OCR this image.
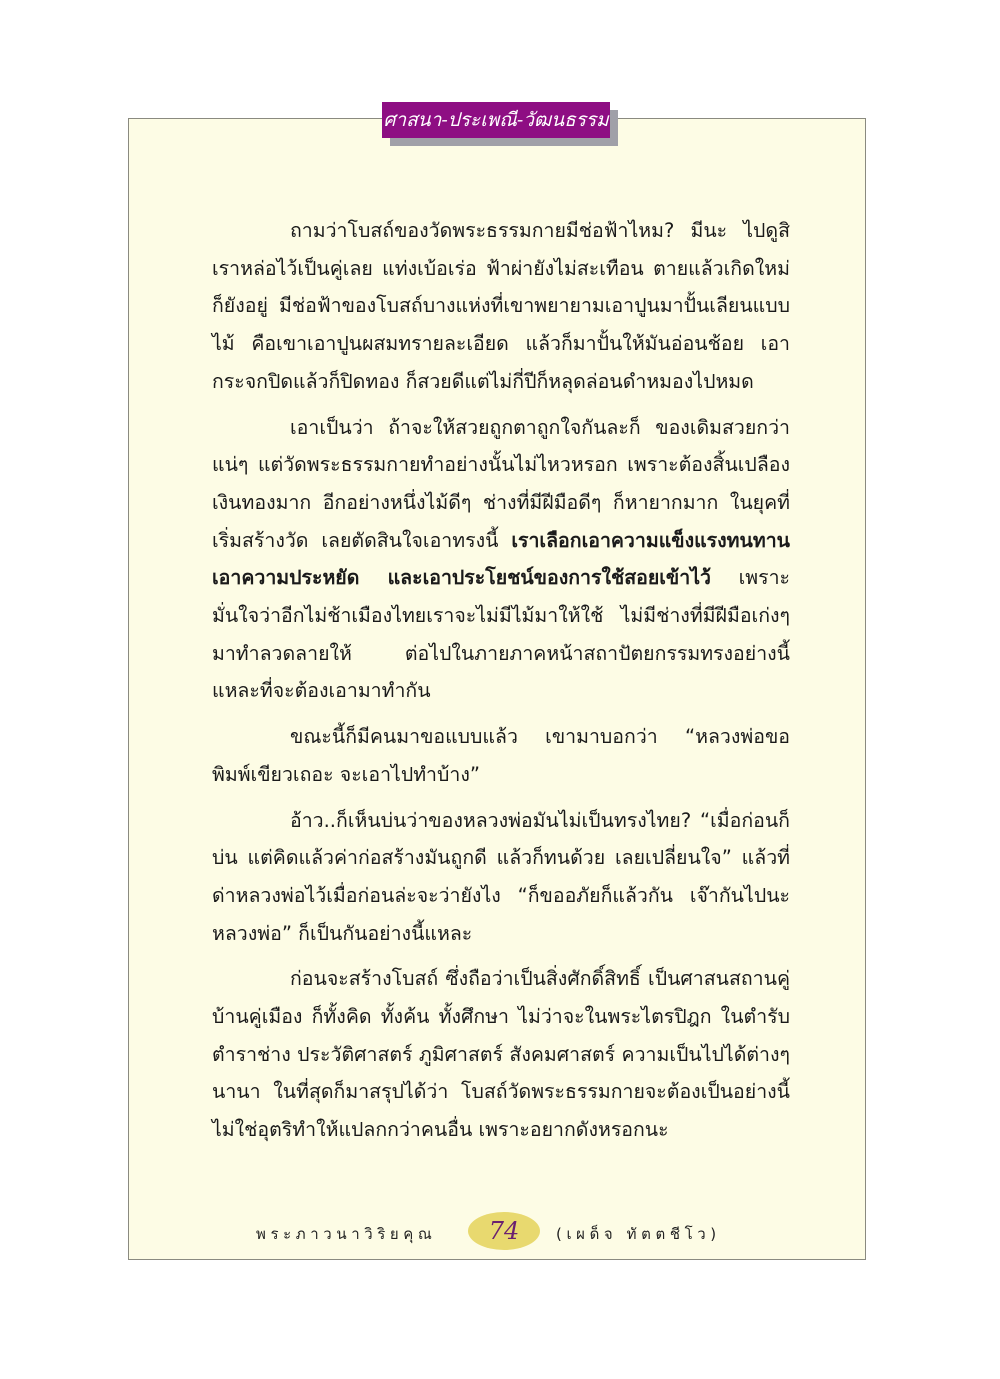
ศาสนา-ประเพณี-วัฒนธรรม

ถามว่าโบสถ์ของวัดพระธรรมกายมีช่อฟ้าไหม? มีนะ ไปดูสิ เราหล่อไว้เป็นคู่เลย แท่งเบ้อเร่อ ฟ้าผ่ายังไม่สะเทือน ตายแล้วเกิดใหม่ก็ยังอยู่ มีช่อฟ้าของโบสถ์บางแห่งที่เขาพยายามเอาปูนมาปั้นเลียนแบบไม้ คือเขาเอาปูนผสมทรายละเอียด แล้วก็มาปั้นให้มันอ่อนช้อย เอากระจกปิดแล้วก็ปิดทอง ก็สวยดีแต่ไม่กี่ปีก็หลุดล่อนดำหมองไปหมด

เอาเป็นว่า ถ้าจะให้สวยถูกตาถูกใจกันละก็ ของเดิมสวยกว่าแน่ๆ แต่วัดพระธรรมกายทำอย่างนั้นไม่ไหวหรอก เพราะต้องสิ้นเปลืองเงินทองมาก อีกอย่างหนึ่งไม้ดีๆ ช่างที่มีฝีมือดีๆ ก็หายากมาก ในยุคที่เริ่มสร้างวัด เลยตัดสินใจเอาทรงนี้ เราเลือกเอาความแข็งแรงทนทาน เอาความประหยัด และเอาประโยชน์ของการใช้สอยเข้าไว้ เพราะมั่นใจว่าอีกไม่ช้าเมืองไทยเราจะไม่มีไม้มาให้ใช้ ไม่มีช่างที่มีฝีมือเก่งๆ มาทำลวดลายให้ ต่อไปในภายภาคหน้าสถาปัตยกรรมทรงอย่างนี้แหละที่จะต้องเอามาทำกัน

ขณะนี้ก็มีคนมาขอแบบแล้ว เขามาบอกว่า “หลวงพ่อขอพิมพ์เขียวเถอะ จะเอาไปทำบ้าง”

อ้าว..ก็เห็นบ่นว่าของหลวงพ่อมันไม่เป็นทรงไทย? “เมื่อก่อนก็บ่น แต่คิดแล้วค่าก่อสร้างมันถูกดี แล้วก็ทนด้วย เลยเปลี่ยนใจ” แล้วที่ด่าหลวงพ่อไว้เมื่อก่อนล่ะจะว่ายังไง “ก็ขออภัยก็แล้วกัน เจ๊ากันไปนะหลวงพ่อ” ก็เป็นกันอย่างนี้แหละ

ก่อนจะสร้างโบสถ์ ซึ่งถือว่าเป็นสิ่งศักดิ์สิทธิ์ เป็นศาสนสถานคู่บ้านคู่เมือง ก็ทั้งคิด ทั้งค้น ทั้งศึกษา ไม่ว่าจะในพระไตรปิฎก ในตำรับตำราช่าง ประวัติศาสตร์ ภูมิศาสตร์ สังคมศาสตร์ ความเป็นไปได้ต่างๆ นานา ในที่สุดก็มาสรุปได้ว่า โบสถ์วัดพระธรรมกายจะต้องเป็นอย่างนี้ ไม่ใช่อุตริทำให้แปลกกว่าคนอื่น เพราะอยากดังหรอกนะ

พระภาวนาวิริยคุณ	74	(เผด็จ ทัตตชีโว)
